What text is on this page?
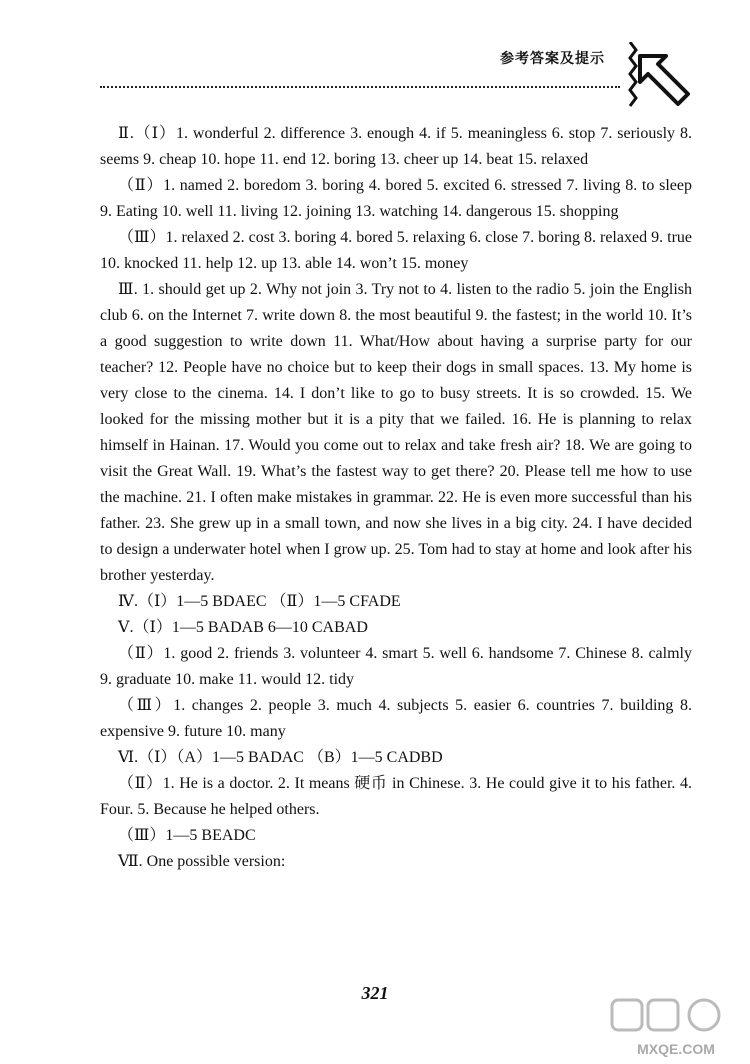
参考答案及提示

Ⅱ.（Ⅰ）1. wonderful 2. difference 3. enough 4. if 5. meaningless 6. stop 7. seriously 8. seems 9. cheap 10. hope 11. end 12. boring 13. cheer up 14. beat 15. relaxed

（Ⅱ）1. named 2. boredom 3. boring 4. bored 5. excited 6. stressed 7. living 8. to sleep 9. Eating 10. well 11. living 12. joining 13. watching 14. dangerous 15. shopping

（Ⅲ）1. relaxed 2. cost 3. boring 4. bored 5. relaxing 6. close 7. boring 8. relaxed 9. true 10. knocked 11. help 12. up 13. able 14. won’t 15. money

Ⅲ. 1. should get up 2. Why not join 3. Try not to 4. listen to the radio 5. join the English club 6. on the Internet 7. write down 8. the most beautiful 9. the fastest; in the world 10. It’s a good suggestion to write down 11. What/How about having a surprise party for our teacher? 12. People have no choice but to keep their dogs in small spaces. 13. My home is very close to the cinema. 14. I don’t like to go to busy streets. It is so crowded. 15. We looked for the missing mother but it is a pity that we failed. 16. He is planning to relax himself in Hainan. 17. Would you come out to relax and take fresh air? 18. We are going to visit the Great Wall. 19. What’s the fastest way to get there? 20. Please tell me how to use the machine. 21. I often make mistakes in grammar. 22. He is even more successful than his father. 23. She grew up in a small town, and now she lives in a big city. 24. I have decided to design a underwater hotel when I grow up. 25. Tom had to stay at home and look after his brother yesterday.

Ⅳ.（Ⅰ）1—5 BDAEC （Ⅱ）1—5 CFADE

Ⅴ.（Ⅰ）1—5 BADAB 6—10 CABAD

（Ⅱ）1. good 2. friends 3. volunteer 4. smart 5. well 6. handsome 7. Chinese 8. calmly 9. graduate 10. make 11. would 12. tidy

（Ⅲ）1. changes 2. people 3. much 4. subjects 5. easier 6. countries 7. building 8. expensive 9. future 10. many

Ⅵ.（Ⅰ）（A）1—5 BADAC （B）1—5 CADBD

（Ⅱ）1. He is a doctor. 2. It means 硬币 in Chinese. 3. He could give it to his father. 4. Four. 5. Because he helped others.

（Ⅲ）1—5 BEADC

Ⅶ. One possible version:

321
MXQE.COM
